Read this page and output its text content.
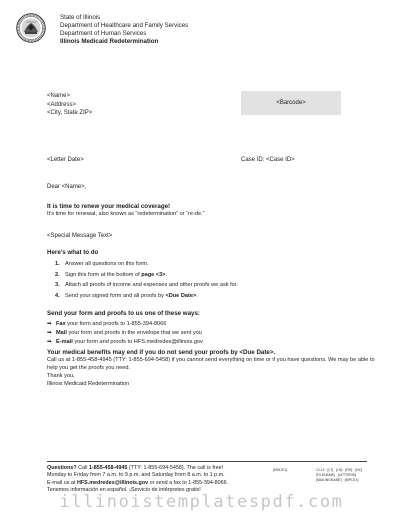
State of Illinois
Department of Healthcare and Family Services
Department of Human Services
Illinois Medicaid Redetermination
<Name>
<Address>
<City, State ZIP>
<Barcode>
<Letter Date>	Case ID: <Case ID>
Dear <Name>,
It is time to renew your medical coverage!
It’s time for renewal, also known as “redetermination” or “re-de.”
<Special Message Text>
Here’s what to do
1. Answer all questions on this form.
2. Sign this form at the bottom of page <3>.
3. Attach all proofs of income and expenses and other proofs we ask for.
4. Send your signed form and all proofs by <Due Date>.
Send your form and proofs to us one of these ways:
➡ Fax your form and proofs to 1-855-394-8066
➡ Mail your form and proofs in the envelope that we sent you
➡ E-mail your form and proofs to HFS.medredes@illinois.gov
Your medical benefits may end if you do not send your proofs by <Due Date>.
Call us at 1-855-458-4945 (TTY: 1-855-694-5458) if you cannot send everything on time or if you have questions. We may be able to help you get the proofs you need.
Thank you,
Illinois Medicaid Redetermination
Questions? Call 1-855-458-4945 (TTY: 1-855-694-5458). The call is free!
Monday to Friday from 7 a.m. to 9 p.m. and Saturday from 8 a.m. to 1 p.m.
E-mail us at HFS.medredes@illinois.gov or send a fax to 1-855-394-8066.
Tenemos información en español. ¡Servicio de intérpretes gratis!
[MODE1]	12.13 · [LT] · [LN] · [PM] · [NC]
[FILENAME] · [LETTERID]
[MAILINGNAME] · [BIPLEX]
illinoistemplatespdf.com
